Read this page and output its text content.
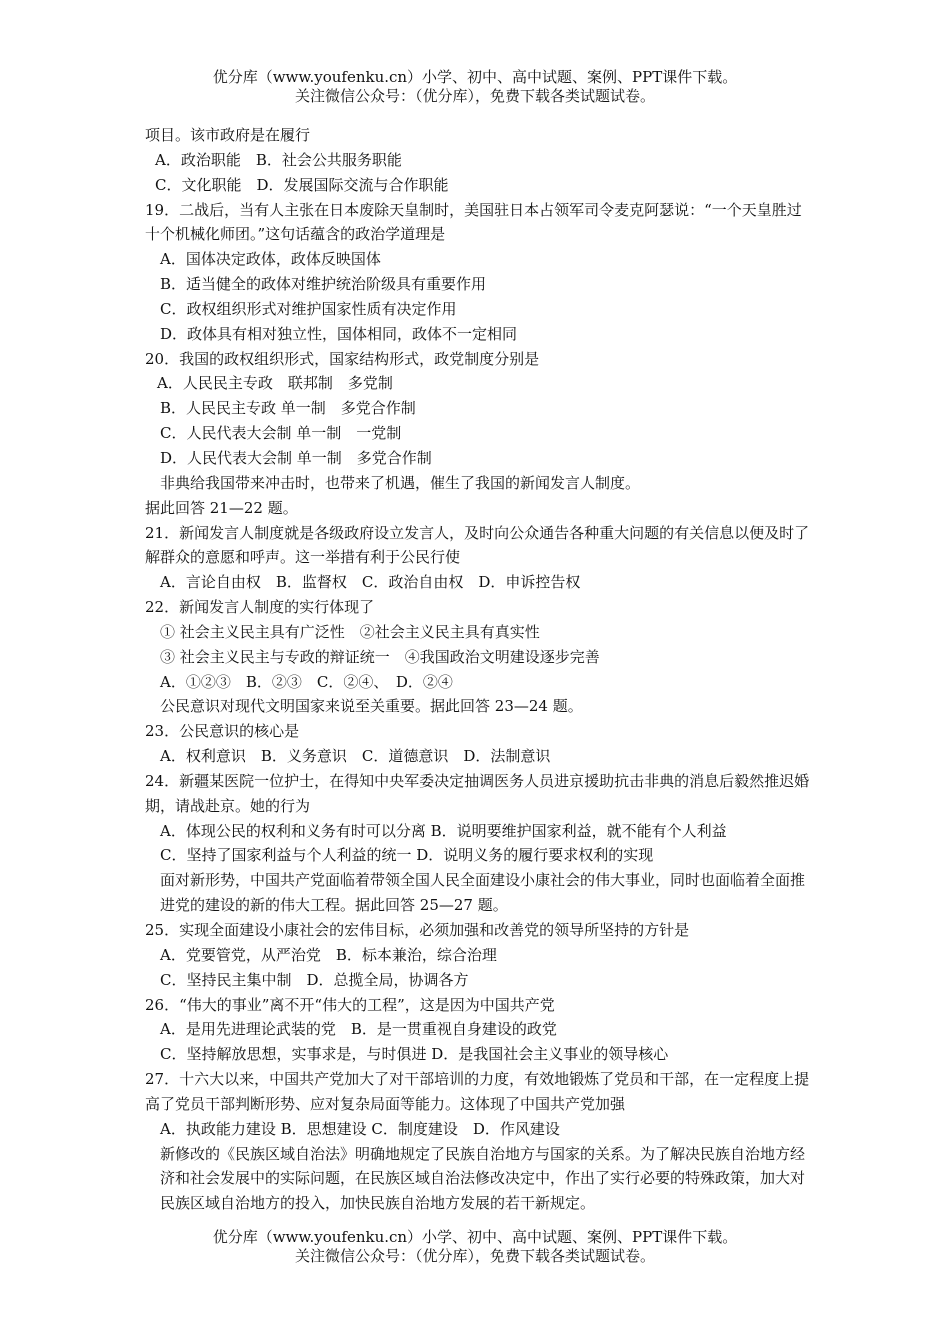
优分库（www.youfenku.cn）小学、初中、高中试题、案例、PPT课件下载。
关注微信公众号：（优分库），免费下载各类试题试卷。
项目。该市政府是在履行
A．政治职能　B．社会公共服务职能
C．文化职能　D．发展国际交流与合作职能
19．二战后，当有人主张在日本废除天皇制时，美国驻日本占领军司令麦克阿瑟说：“一个天皇胜过十个机械化师团。”这句话蕴含的政治学道理是
A．国体决定政体，政体反映国体
B．适当健全的政体对维护统治阶级具有重要作用
C．政权组织形式对维护国家性质有决定作用
D．政体具有相对独立性，国体相同，政体不一定相同
20．我国的政权组织形式，国家结构形式，政党制度分别是
A．人民民主专政　联邦制　多党制
B．人民民主专政 单一制　多党合作制
C．人民代表大会制 单一制　一党制
D．人民代表大会制 单一制　多党合作制
非典给我国带来冲击时，也带来了机遇，催生了我国的新闻发言人制度。
据此回答 21—22 题。
21．新闻发言人制度就是各级政府设立发言人，及时向公众通告各种重大问题的有关信息以便及时了解群众的意愿和呼声。这一举措有利于公民行使
A．言论自由权　B．监督权　C．政治自由权　D．申诉控告权
22．新闻发言人制度的实行体现了
① 社会主义民主具有广泛性　②社会主义民主具有真实性
③ 社会主义民主与专政的辩证统一　④我国政治文明建设逐步完善
A．①②③　B．②③　C．②④、　D．②④
公民意识对现代文明国家来说至关重要。据此回答 23—24 题。
23．公民意识的核心是
A．权利意识　B．义务意识　C．道德意识　D．法制意识
24．新疆某医院一位护士，在得知中央军委决定抽调医务人员进京援助抗击非典的消息后毅然推迟婚期，请战赴京。她的行为
A．体现公民的权利和义务有时可以分离 B．说明要维护国家利益，就不能有个人利益
C．坚持了国家利益与个人利益的统一 D．说明义务的履行要求权利的实现
面对新形势，中国共产党面临着带领全国人民全面建设小康社会的伟大事业，同时也面临着全面推进党的建设的新的伟大工程。据此回答 25—27 题。
25．实现全面建设小康社会的宏伟目标，必须加强和改善党的领导所坚持的方针是
A．党要管党，从严治党　B．标本兼治，综合治理
C．坚持民主集中制　D．总揽全局，协调各方
26．“伟大的事业”离不开“伟大的工程”，这是因为中国共产党
A．是用先进理论武装的党　B．是一贯重视自身建设的政党
C．坚持解放思想，实事求是，与时俱进 D．是我国社会主义事业的领导核心
27．十六大以来，中国共产党加大了对干部培训的力度，有效地锻炼了党员和干部，在一定程度上提高了党员干部判断形势、应对复杂局面等能力。这体现了中国共产党加强
A．执政能力建设 B．思想建设 C．制度建设　D．作风建设
新修改的《民族区域自治法》明确地规定了民族自治地方与国家的关系。为了解决民族自治地方经济和社会发展中的实际问题，在民族区域自治法修改决定中，作出了实行必要的特殊政策，加大对民族区域自治地方的投入，加快民族自治地方发展的若干新规定。
优分库（www.youfenku.cn）小学、初中、高中试题、案例、PPT课件下载。
关注微信公众号：（优分库），免费下载各类试题试卷。
